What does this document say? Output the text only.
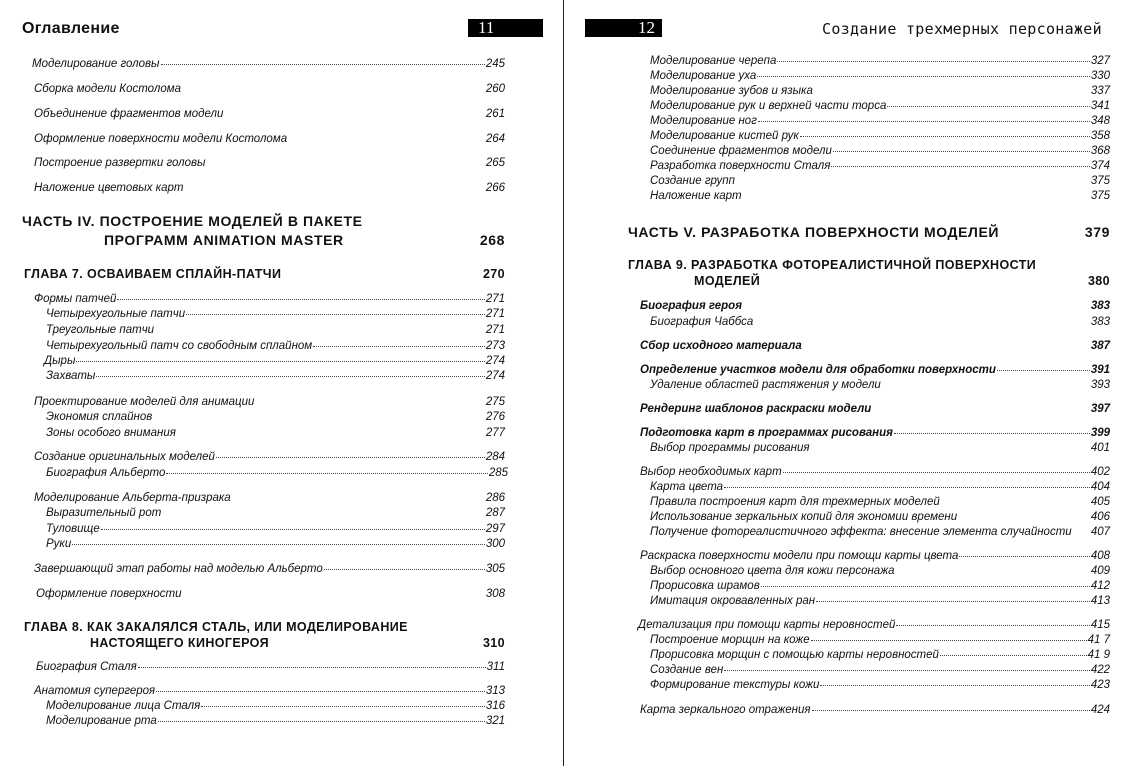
Оглавление	11
Моделирование головы	245
Сборка модели Костолома	260
Объединение фрагментов модели	261
Оформление поверхности модели Костолома	264
Построение развертки головы	265
Наложение цветовых карт	266
ЧАСТЬ IV. ПОСТРОЕНИЕ МОДЕЛЕЙ В ПАКЕТЕ
ПРОГРАММ ANIMATION MASTER	268
ГЛАВА 7. ОСВАИВАЕМ СПЛАЙН-ПАТЧИ	270
Формы патчей	271
Четырехугольные патчи	271
Треугольные патчи	271
Четырехугольный патч со свободным сплайном	273
Дыры	274
Захваты	274
Проектирование моделей для анимации	275
Экономия сплайнов	276
Зоны особого внимания	277
Создание оригинальных моделей	284
Биография Альберто	285
Моделирование Альберта-призрака	286
Выразительный рот	287
Туловище	297
Руки	300
Завершающий этап работы над моделью Альберто	305
Оформление поверхности	308
ГЛАВА 8. КАК ЗАКАЛЯЛСЯ СТАЛЬ, ИЛИ МОДЕЛИРОВАНИЕ
НАСТОЯЩЕГО КИНОГЕРОЯ	310
Биография Сталя	311
Анатомия супергероя	313
Моделирование лица Сталя	316
Моделирование рта	321
12	Создание трехмерных персонажей
Моделирование черепа	327
Моделирование уха	330
Моделирование зубов и языка	337
Моделирование рук и верхней части торса	341
Моделирование ног	348
Моделирование кистей рук	358
Соединение фрагментов модели	368
Разработка поверхности Сталя	374
Создание групп	375
Наложение карт	375
ЧАСТЬ V. РАЗРАБОТКА ПОВЕРХНОСТИ МОДЕЛЕЙ	379
ГЛАВА 9. РАЗРАБОТКА ФОТОРЕАЛИСТИЧНОЙ ПОВЕРХНОСТИ
МОДЕЛЕЙ	380
Биография героя	383
Биография Чаббса	383
Сбор исходного материала	387
Определение участков модели для обработки поверхности	391
Удаление областей растяжения у модели	393
Рендеринг шаблонов раскраски модели	397
Подготовка карт в программах рисования	399
Выбор программы рисования	401
Выбор необходимых карт	402
Карта цвета	404
Правила построения карт для трехмерных моделей	405
Использование зеркальных копий для экономии времени	406
Получение фотореалистичного эффекта: внесение элемента случайности 407
Раскраска поверхности модели при помощи карты цвета	408
Выбор основного цвета для кожи персонажа	409
Прорисовка шрамов	412
Имитация окровавленных ран	413
Детализация при помощи карты неровностей	415
Построение морщин на коже	41 7
Прорисовка морщин с помощью карты неровностей	41 9
Создание вен	422
Формирование текстуры кожи	423
Карта зеркального отражения	424
